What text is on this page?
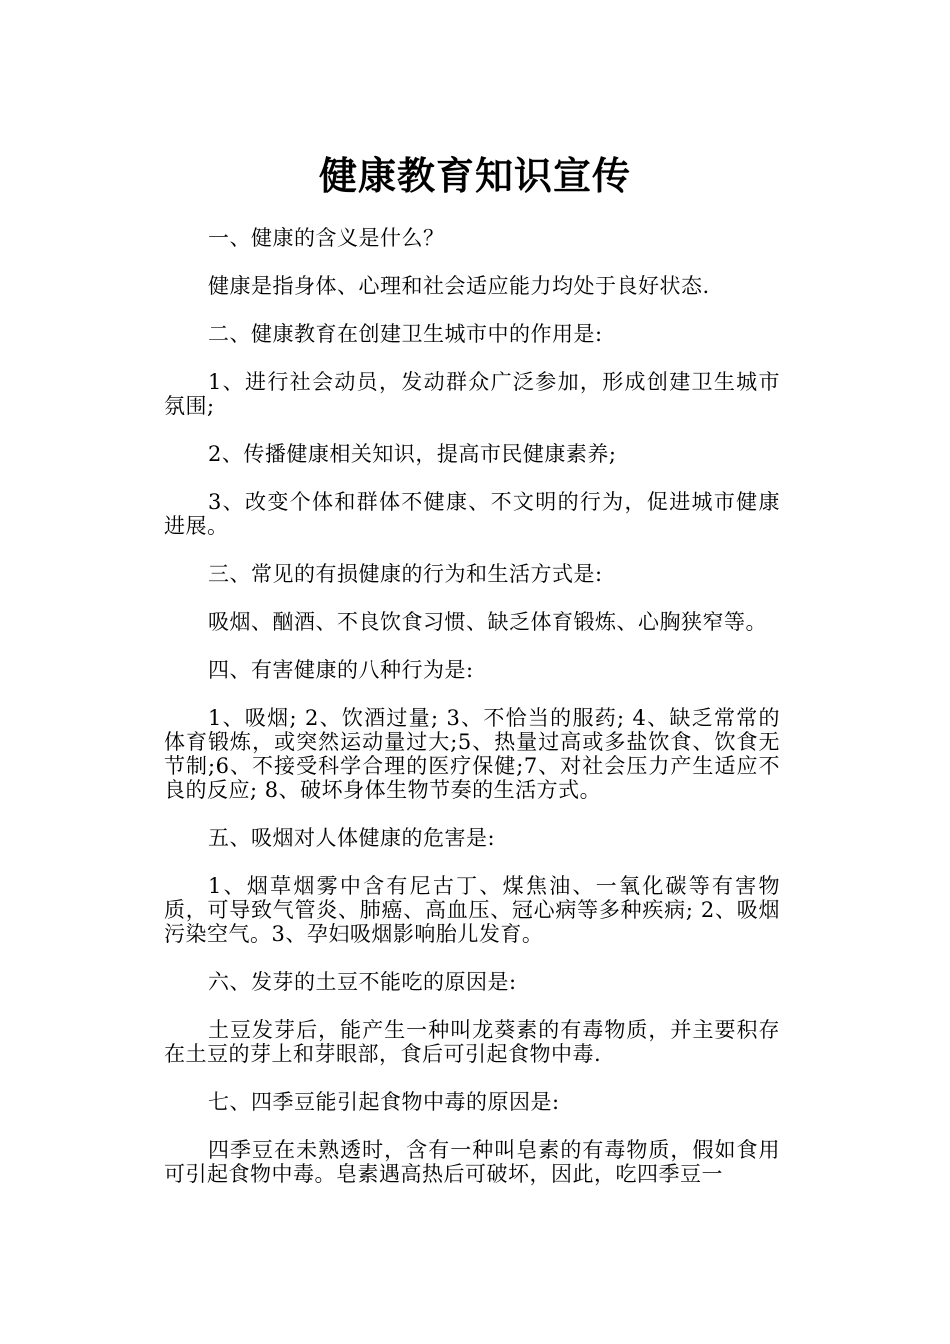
健康教育知识宣传

一、健康的含义是什么？

健康是指身体、心理和社会适应能力均处于良好状态.

二、健康教育在创建卫生城市中的作用是:

1、进行社会动员，发动群众广泛参加，形成创建卫生城市氛围;

2、传播健康相关知识，提高市民健康素养;

3、改变个体和群体不健康、不文明的行为，促进城市健康进展。

三、常见的有损健康的行为和生活方式是:

吸烟、酗酒、不良饮食习惯、缺乏体育锻炼、心胸狭窄等。

四、有害健康的八种行为是:

1、吸烟; 2、饮酒过量; 3、不恰当的服药; 4、缺乏常常的体育锻炼，或突然运动量过大;5、热量过高或多盐饮食、饮食无节制;6、不接受科学合理的医疗保健;7、对社会压力产生适应不良的反应; 8、破坏身体生物节奏的生活方式。

五、吸烟对人体健康的危害是:

1、烟草烟雾中含有尼古丁、煤焦油、一氧化碳等有害物质，可导致气管炎、肺癌、高血压、冠心病等多种疾病; 2、吸烟污染空气。3、孕妇吸烟影响胎儿发育。

六、发芽的土豆不能吃的原因是:

土豆发芽后，能产生一种叫龙葵素的有毒物质，并主要积存在土豆的芽上和芽眼部，食后可引起食物中毒.

七、四季豆能引起食物中毒的原因是:

四季豆在未熟透时，含有一种叫皂素的有毒物质，假如食用可引起食物中毒。皂素遇高热后可破坏，因此，吃四季豆一
